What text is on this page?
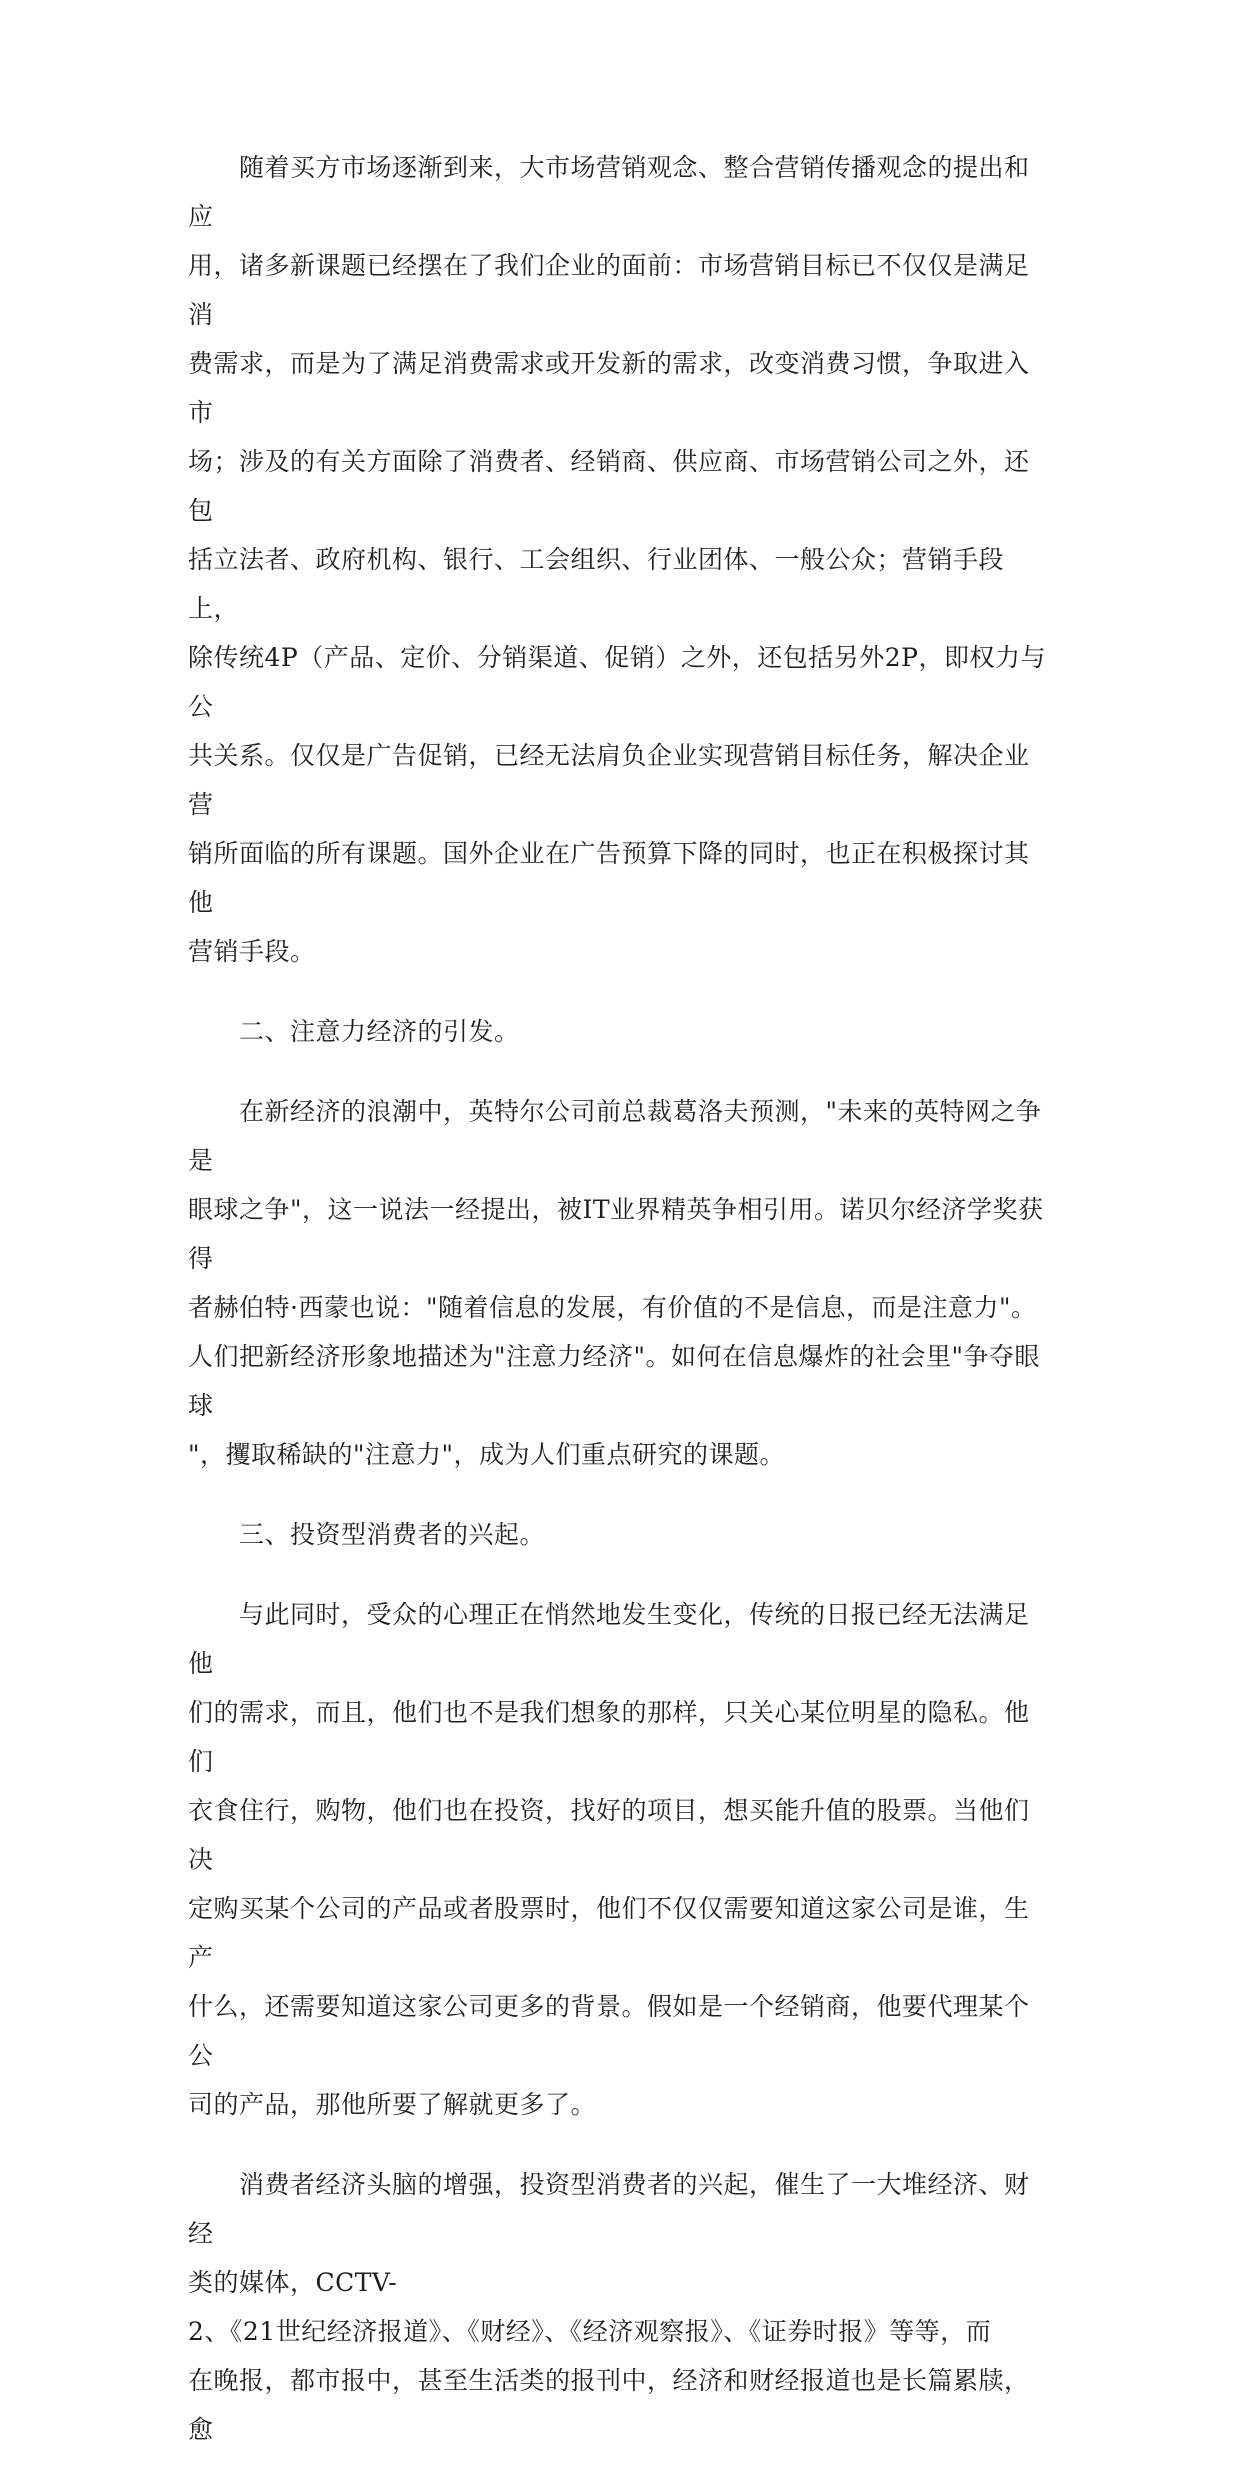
　　随着买方市场逐渐到来，大市场营销观念、整合营销传播观念的提出和应
用，诸多新课题已经摆在了我们企业的面前：市场营销目标已不仅仅是满足消
费需求，而是为了满足消费需求或开发新的需求，改变消费习惯，争取进入市
场；涉及的有关方面除了消费者、经销商、供应商、市场营销公司之外，还包
括立法者、政府机构、银行、工会组织、行业团体、一般公众；营销手段上，
除传统4P（产品、定价、分销渠道、促销）之外，还包括另外2P，即权力与公
共关系。仅仅是广告促销，已经无法肩负企业实现营销目标任务，解决企业营
销所面临的所有课题。国外企业在广告预算下降的同时，也正在积极探讨其他
营销手段。

　　二、注意力经济的引发。

　　在新经济的浪潮中，英特尔公司前总裁葛洛夫预测，"未来的英特网之争是
眼球之争"，这一说法一经提出，被IT业界精英争相引用。诺贝尔经济学奖获得
者赫伯特·西蒙也说："随着信息的发展，有价值的不是信息，而是注意力"。
人们把新经济形象地描述为"注意力经济"。如何在信息爆炸的社会里"争夺眼球
"，攫取稀缺的"注意力"，成为人们重点研究的课题。

　　三、投资型消费者的兴起。

　　与此同时，受众的心理正在悄然地发生变化，传统的日报已经无法满足他
们的需求，而且，他们也不是我们想象的那样，只关心某位明星的隐私。他们
衣食住行，购物，他们也在投资，找好的项目，想买能升值的股票。当他们决
定购买某个公司的产品或者股票时，他们不仅仅需要知道这家公司是谁，生产
什么，还需要知道这家公司更多的背景。假如是一个经销商，他要代理某个公
司的产品，那他所要了解就更多了。

　　消费者经济头脑的增强，投资型消费者的兴起，催生了一大堆经济、财经
类的媒体，CCTV-
2、《21世纪经济报道》、《财经》、《经济观察报》、《证券时报》等等，而
在晚报，都市报中，甚至生活类的报刊中，经济和财经报道也是长篇累牍，愈
